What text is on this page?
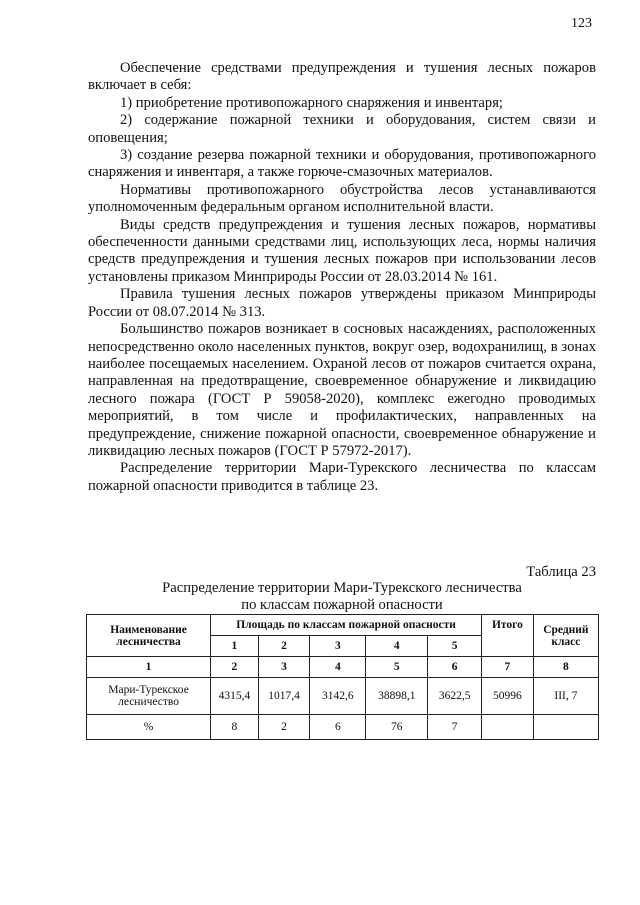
123

Обеспечение средствами предупреждения и тушения лесных пожаров включает в себя:

1) приобретение противопожарного снаряжения и инвентаря;

2) содержание пожарной техники и оборудования, систем связи и оповещения;

3) создание резерва пожарной техники и оборудования, противопожарного снаряжения и инвентаря, а также горюче-смазочных материалов.

Нормативы противопожарного обустройства лесов устанавливаются уполномоченным федеральным органом исполнительной власти.

Виды средств предупреждения и тушения лесных пожаров, нормативы обеспеченности данными средствами лиц, использующих леса, нормы наличия средств предупреждения и тушения лесных пожаров при использовании лесов установлены приказом Минприроды России от 28.03.2014 № 161.

Правила тушения лесных пожаров утверждены приказом Минприроды России от 08.07.2014 № 313.

Большинство пожаров возникает в сосновых насаждениях, расположенных непосредственно около населенных пунктов, вокруг озер, водохранилищ, в зонах наиболее посещаемых населением. Охраной лесов от пожаров считается охрана, направленная на предотвращение, своевременное обнаружение и ликвидацию лесного пожара (ГОСТ Р 59058-2020), комплекс ежегодно проводимых мероприятий, в том числе и профилактических, направленных на предупреждение, снижение пожарной опасности, своевременное обнаружение и ликвидацию лесных пожаров (ГОСТ Р 57972-2017).

Распределение территории Мари-Турекского лесничества по классам пожарной опасности приводится в таблице 23.

Таблица 23
Распределение территории Мари-Турекского лесничества
по классам пожарной опасности
Наименование лесничества	Площадь по классам пожарной опасности					Итого	Средний класс
	1	2	3	4	5		
1	2	3	4	5	6	7	8
Мари-Турекское лесничество	4315,4	1017,4	3142,6	38898,1	3622,5	50996	III, 7
%	8	2	6	76	7		
